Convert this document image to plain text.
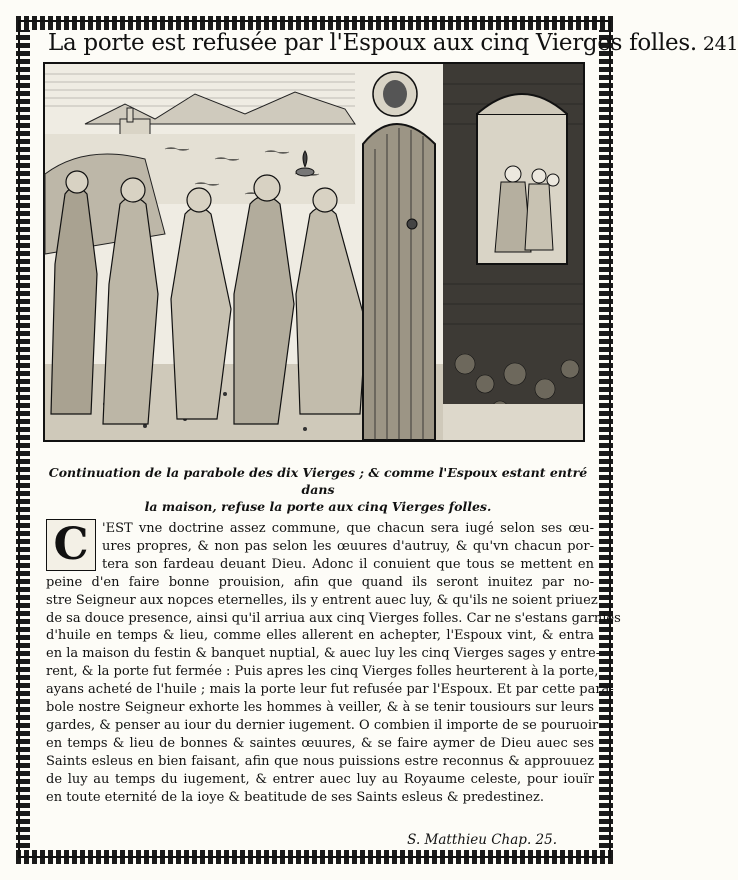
La porte est refusée par l'Espoux aux cinq Vierges folles. 241
Continuation de la parabole des dix Vierges ; & comme l'Espoux estant entré dans
la maison, refuse la porte aux cinq Vierges folles.
C	'EST vne doctrine assez commune, que chacun sera iugé selon ses œu-
ures propres, & non pas selon les œuures d'autruy, & qu'vn chacun por-
tera son fardeau deuant Dieu. Adonc il conuient que tous se mettent en
peine d'en faire bonne prouision, afin que quand ils seront inuitez par no-
stre Seigneur aux nopces eternelles, ils y entrent auec luy, & qu'ils ne soient priuez
de sa douce presence, ainsi qu'il arriua aux cinq Vierges folles. Car ne s'estans garnies
d'huile en temps & lieu, comme elles allerent en achepter, l'Espoux vint, & entra
en la maison du festin & banquet nuptial, & auec luy les cinq Vierges sages y entre-
rent, & la porte fut fermée : Puis apres les cinq Vierges folles heurterent à la porte,
ayans acheté de l'huile ; mais la porte leur fut refusée par l'Espoux. Et par cette para-
bole nostre Seigneur exhorte les hommes à veiller, & à se tenir tousiours sur leurs
gardes, & penser au iour du dernier iugement. O combien il importe de se pouruoir
en temps & lieu de bonnes & saintes œuures, & se faire aymer de Dieu auec ses
Saints esleus en bien faisant, afin que nous puissions estre reconnus & approuuez
de luy au temps du iugement, & entrer auec luy au Royaume celeste, pour iouïr
en toute eternité de la ioye & beatitude de ses Saints esleus & predestinez.
S. Matthieu Chap. 25.
